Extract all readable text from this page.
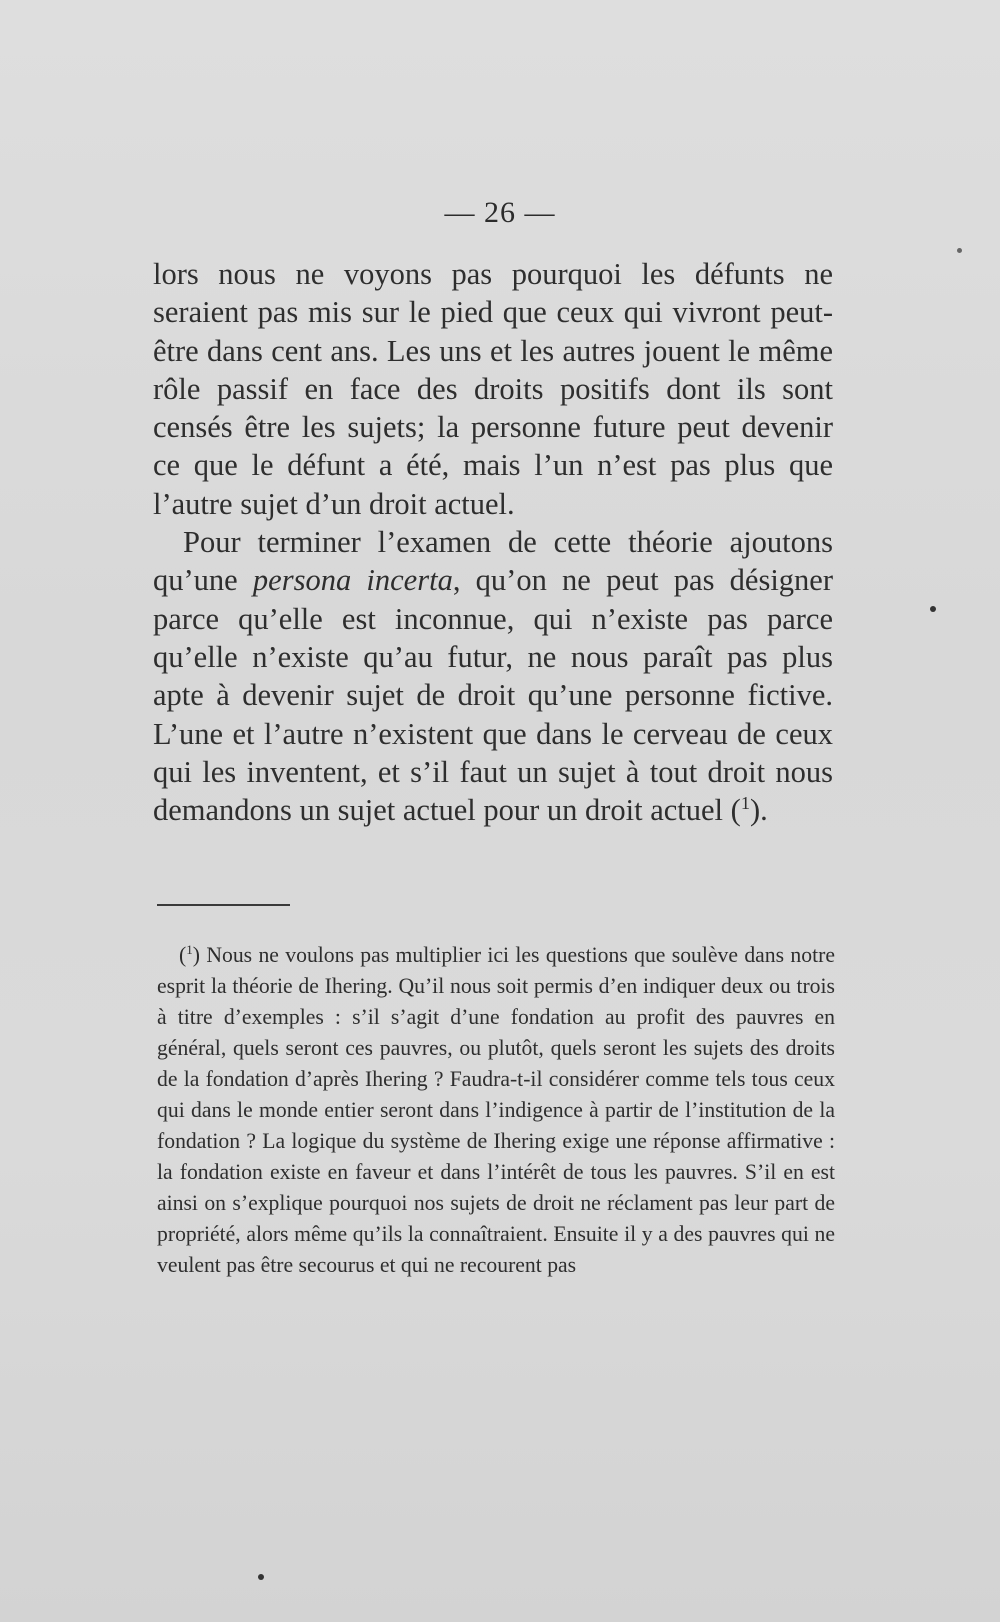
— 26 —

lors nous ne voyons pas pourquoi les défunts ne seraient pas mis sur le pied que ceux qui vivront peut-être dans cent ans. Les uns et les autres jouent le même rôle passif en face des droits positifs dont ils sont censés être les sujets; la personne future peut devenir ce que le défunt a été, mais l’un n’est pas plus que l’autre sujet d’un droit actuel.

Pour terminer l’examen de cette théorie ajoutons qu’une persona incerta, qu’on ne peut pas désigner parce qu’elle est inconnue, qui n’existe pas parce qu’elle n’existe qu’au futur, ne nous paraît pas plus apte à devenir sujet de droit qu’une personne fictive. L’une et l’autre n’existent que dans le cerveau de ceux qui les inventent, et s’il faut un sujet à tout droit nous demandons un sujet actuel pour un droit actuel ($^1$).

($^1$) Nous ne voulons pas multiplier ici les questions que soulève dans notre esprit la théorie de Ihering. Qu’il nous soit permis d’en indiquer deux ou trois à titre d’exemples : s’il s’agit d’une fondation au profit des pauvres en général, quels seront ces pauvres, ou plutôt, quels seront les sujets des droits de la fondation d’après Ihering ? Faudra-t-il considérer comme tels tous ceux qui dans le monde entier seront dans l’indigence à partir de l’institution de la fondation ? La logique du système de Ihering exige une réponse affirmative : la fondation existe en faveur et dans l’intérêt de tous les pauvres. S’il en est ainsi on s’explique pourquoi nos sujets de droit ne réclament pas leur part de propriété, alors même qu’ils la connaîtraient. Ensuite il y a des pauvres qui ne veulent pas être secourus et qui ne recourent pas
